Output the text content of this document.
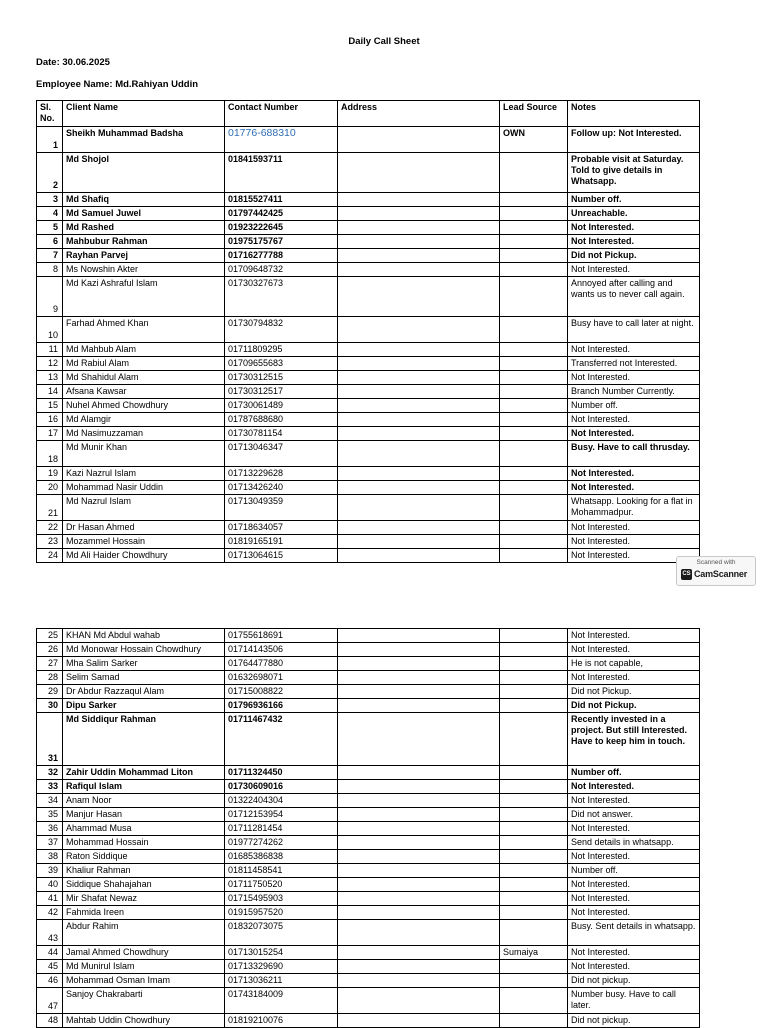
Daily Call Sheet
Date: 30.06.2025
Employee Name: Md.Rahiyan Uddin
Sl. No.	Client Name	Contact Number	Address	Lead Source	Notes
1	Sheikh Muhammad Badsha	01776-688310		OWN	Follow up: Not Interested.
2	Md Shojol	01841593711			Probable visit at Saturday. Told to give details in Whatsapp.
3	Md Shafiq	01815527411			Number off.
4	Md Samuel Juwel	01797442425			Unreachable.
5	Md Rashed	01923222645			Not Interested.
6	Mahbubur Rahman	01975175767			Not Interested.
7	Rayhan Parvej	01716277788			Did not Pickup.
8	Ms Nowshin Akter	01709648732			Not Interested.
9	Md Kazi Ashraful Islam	01730327673			Annoyed after calling and wants us to never call again.
10	Farhad Ahmed Khan	01730794832			Busy have to call later at night.
11	Md Mahbub Alam	01711809295			Not Interested.
12	Md Rabiul Alam	01709655683			Transferred not Interested.
13	Md Shahidul Alam	01730312515			Not Interested.
14	Afsana Kawsar	01730312517			Branch Number Currently.
15	Nuhel Ahmed Chowdhury	01730061489			Number off.
16	Md Alamgir	01787688680			Not Interested.
17	Md Nasimuzzaman	01730781154			Not Interested.
18	Md Munir Khan	01713046347			Busy. Have to call thrusday.
19	Kazi Nazrul Islam	01713229628			Not Interested.
20	Mohammad Nasir Uddin	01713426240			Not Interested.
21	Md Nazrul Islam	01713049359			Whatsapp. Looking for a flat in Mohammadpur.
22	Dr Hasan Ahmed	01718634057			Not Interested.
23	Mozammel Hossain	01819165191			Not Interested.
24	Md Ali Haider Chowdhury	01713064615			Not Interested.
Scanned with
CS CamScanner
25	KHAN Md Abdul wahab	01755618691			Not Interested.
26	Md Monowar Hossain Chowdhury	01714143506			Not Interested.
27	Mha Salim Sarker	01764477880			He is not capable,
28	Selim Samad	01632698071			Not Interested.
29	Dr Abdur Razzaqul Alam	01715008822			Did not Pickup.
30	Dipu Sarker	01796936166			Did not Pickup.
31	Md Siddiqur Rahman	01711467432			Recently invested in a project. But still Interested. Have to keep him in touch.
32	Zahir Uddin Mohammad Liton	01711324450			Number off.
33	Rafiqul Islam	01730609016			Not Interested.
34	Anam Noor	01322404304			Not Interested.
35	Manjur Hasan	01712153954			Did not answer.
36	Ahammad Musa	01711281454			Not Interested.
37	Mohammad Hossain	01977274262			Send details in whatsapp.
38	Raton Siddique	01685386838			Not Interested.
39	Khaliur Rahman	01811458541			Number off.
40	Siddique Shahajahan	01711750520			Not Interested.
41	Mir Shafat Newaz	01715495903			Not Interested.
42	Fahmida Ireen	01915957520			Not Interested.
43	Abdur Rahim	01832073075			Busy. Sent details in whatsapp.
44	Jamal Ahmed Chowdhury	01713015254		Sumaiya	Not Interested.
45	Md Munirul Islam	01713329690			Not Interested.
46	Mohammad Osman Imam	01713036211			Did not pickup.
47	Sanjoy Chakrabarti	01743184009			Number busy. Have to call later.
48	Mahtab Uddin Chowdhury	01819210076			Did not pickup.
